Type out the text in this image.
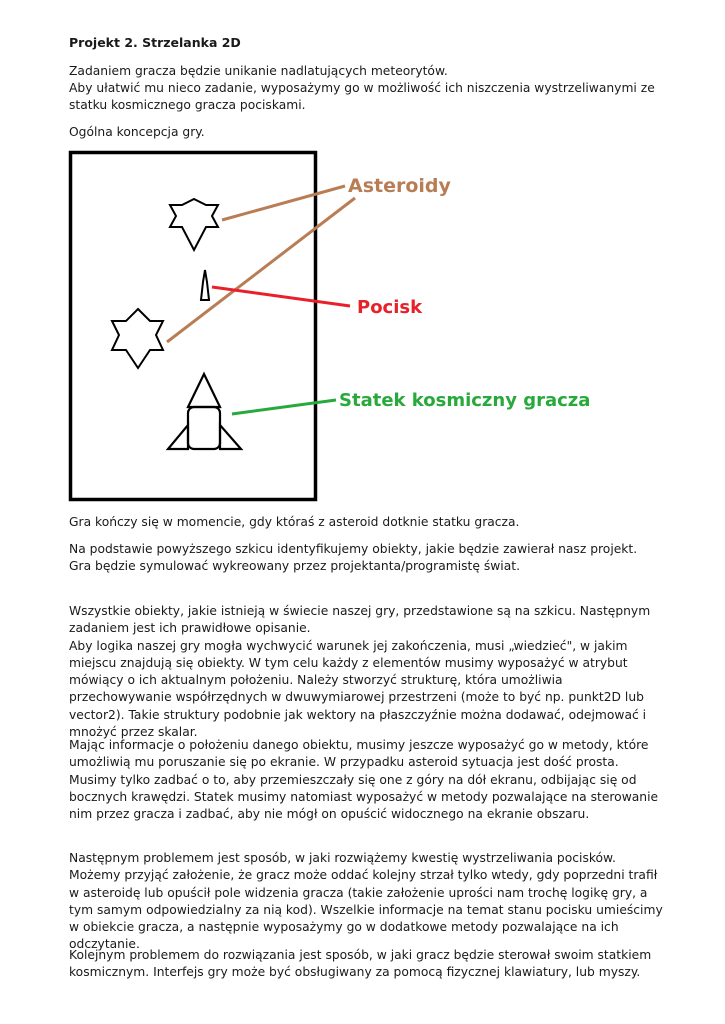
Projekt 2. Strzelanka 2D

Zadaniem gracza będzie unikanie nadlatujących meteorytów.

Aby ułatwić mu nieco zadanie, wyposażymy go w możliwość ich niszczenia wystrzeliwanymi ze statku kosmicznego gracza pociskami.

Ogólna koncepcja gry.

Asteroidy
Pocisk
Statek kosmiczny gracza

Gra kończy się w momencie, gdy któraś z asteroid dotknie statku gracza.

Na podstawie powyższego szkicu identyfikujemy obiekty, jakie będzie zawierał nasz projekt.
Gra będzie symulować wykreowany przez projektanta/programistę świat.

Wszystkie obiekty, jakie istnieją w świecie naszej gry, przedstawione są na szkicu. Następnym zadaniem jest ich prawidłowe opisanie.
Aby logika naszej gry mogła wychwycić warunek jej zakończenia, musi „wiedzieć", w jakim miejscu znajdują się obiekty. W tym celu każdy z elementów musimy wyposażyć w atrybut mówiący o ich aktualnym położeniu. Należy stworzyć strukturę, która umożliwia przechowywanie współrzędnych w dwuwymiarowej przestrzeni (może to być np. punkt2D lub vector2). Takie struktury podobnie jak wektory na płaszczyźnie można dodawać, odejmować i mnożyć przez skalar.

Mając informacje o położeniu danego obiektu, musimy jeszcze wyposażyć go w metody, które umożliwią mu poruszanie się po ekranie. W przypadku asteroid sytuacja jest dość prosta. Musimy tylko zadbać o to, aby przemieszczały się one z góry na dół ekranu, odbijając się od bocznych krawędzi. Statek musimy natomiast wyposażyć w metody pozwalające na sterowanie nim przez gracza i zadbać, aby nie mógł on opuścić widocznego na ekranie obszaru.

Następnym problemem jest sposób, w jaki rozwiążemy kwestię wystrzeliwania pocisków. Możemy przyjąć założenie, że gracz może oddać kolejny strzał tylko wtedy, gdy poprzedni trafił w asteroidę lub opuścił pole widzenia gracza (takie założenie uprości nam trochę logikę gry, a tym samym odpowiedzialny za nią kod). Wszelkie informacje na temat stanu pocisku umieścimy w obiekcie gracza, a następnie wyposażymy go w dodatkowe metody pozwalające na ich odczytanie.

Kolejnym problemem do rozwiązania jest sposób, w jaki gracz będzie sterował swoim statkiem kosmicznym. Interfejs gry może być obsługiwany za pomocą fizycznej klawiatury, lub myszy.
